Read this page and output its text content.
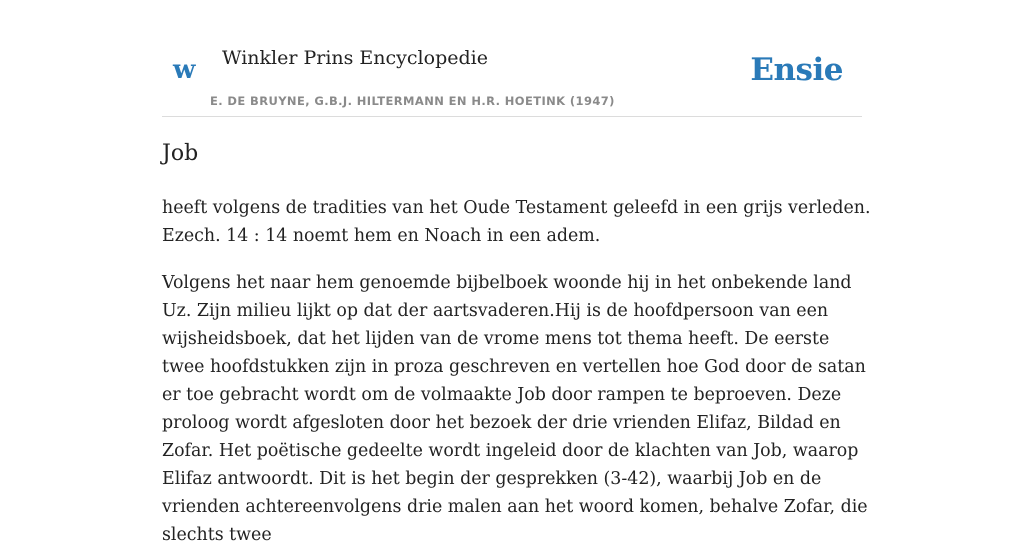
w Winkler Prins Encyclopedie
E. DE BRUYNE, G.B.J. HILTERMANN EN H.R. HOETINK (1947)
Ensie
Job

heeft volgens de tradities van het Oude Testament geleefd in een grijs verleden. Ezech. 14 : 14 noemt hem en Noach in een adem.

Volgens het naar hem genoemde bijbelboek woonde hij in het onbekende land Uz. Zijn milieu lijkt op dat der aartsvaderen.Hij is de hoofdpersoon van een wijsheidsboek, dat het lijden van de vrome mens tot thema heeft. De eerste twee hoofdstukken zijn in proza geschreven en vertellen hoe God door de satan er toe gebracht wordt om de volmaakte Job door rampen te beproeven. Deze proloog wordt afgesloten door het bezoek der drie vrienden Elifaz, Bildad en Zofar. Het poëtische gedeelte wordt ingeleid door de klachten van Job, waarop Elifaz antwoordt. Dit is het begin der gesprekken (3-42), waarbij Job en de vrienden achtereenvolgens drie malen aan het woord komen, behalve Zofar, die slechts twee
